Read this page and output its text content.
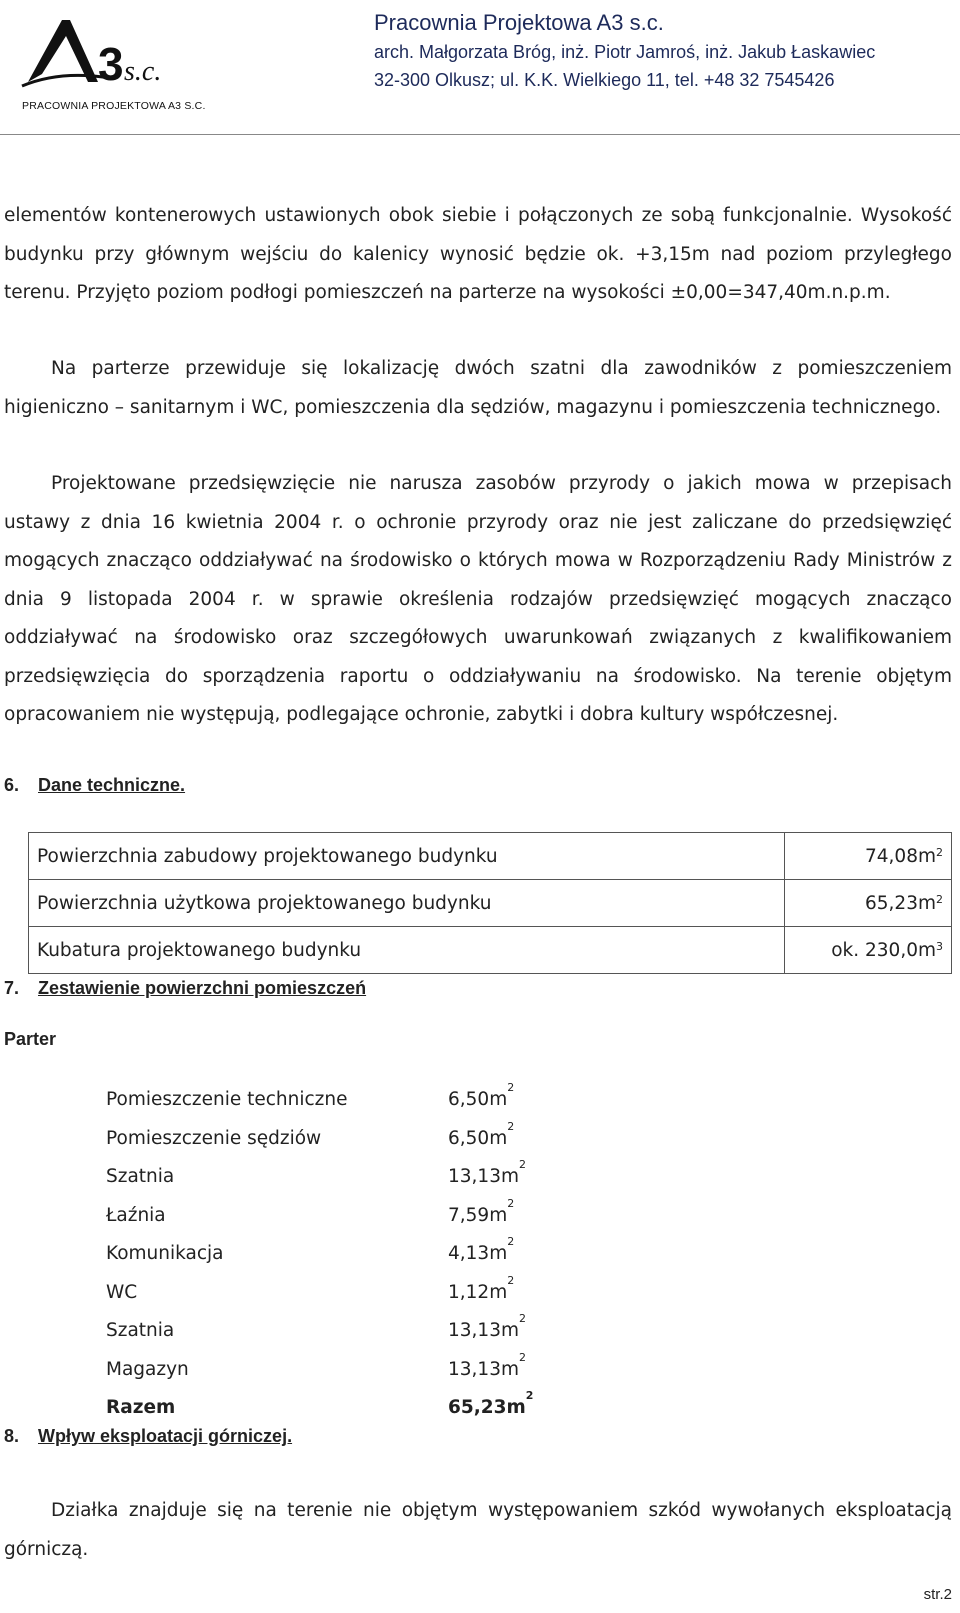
3 s.c.
PRACOWNIA PROJEKTOWA A3 S.C.
Pracownia Projektowa A3 s.c.
arch. Małgorzata Bróg, inż. Piotr Jamroś, inż. Jakub Łaskawiec
32-300 Olkusz; ul. K.K. Wielkiego 11, tel. +48 32 7545426

elementów kontenerowych ustawionych obok siebie i połączonych ze sobą funkcjonalnie. Wysokość budynku przy głównym wejściu do kalenicy wynosić będzie ok. +3,15m nad poziom przyległego terenu. Przyjęto poziom podłogi pomieszczeń na parterze na wysokości ±0,00=347,40m.n.p.m.

Na parterze przewiduje się lokalizację dwóch szatni dla zawodników z pomieszczeniem higieniczno – sanitarnym i WC, pomieszczenia dla sędziów, magazynu i pomieszczenia technicznego.

Projektowane przedsięwzięcie nie narusza zasobów przyrody o jakich mowa w przepisach ustawy z dnia 16 kwietnia 2004 r. o ochronie przyrody oraz nie jest zaliczane do przedsięwzięć mogących znacząco oddziaływać na środowisko o których mowa w Rozporządzeniu Rady Ministrów z dnia 9 listopada 2004 r. w sprawie określenia rodzajów przedsięwzięć mogących znacząco oddziaływać na środowisko oraz szczegółowych uwarunkowań związanych z kwalifikowaniem przedsięwzięcia do sporządzenia raportu o oddziaływaniu na środowisko. Na terenie objętym opracowaniem nie występują, podlegające ochronie, zabytki i dobra kultury współczesnej.

6. Dane techniczne.
Powierzchnia zabudowy projektowanego budynku	$74,08m^2$
Powierzchnia użytkowa projektowanego budynku	$65,23m^2$
Kubatura projektowanego budynku	ok. $230,0m^3$
7. Zestawienie powierzchni pomieszczeń
Parter
Pomieszczenie techniczne	$6,50m^2$
Pomieszczenie sędziów	$6,50m^2$
Szatnia	$13,13m^2$
Łaźnia	$7,59m^2$
Komunikacja	$4,13m^2$
WC	$1,12m^2$
Szatnia	$13,13m^2$
Magazyn	$13,13m^2$
Razem	$65,23m^2$
8. Wpływ eksploatacji górniczej.

Działka znajduje się na terenie nie objętym występowaniem szkód wywołanych eksploatacją górniczą.

str.2
